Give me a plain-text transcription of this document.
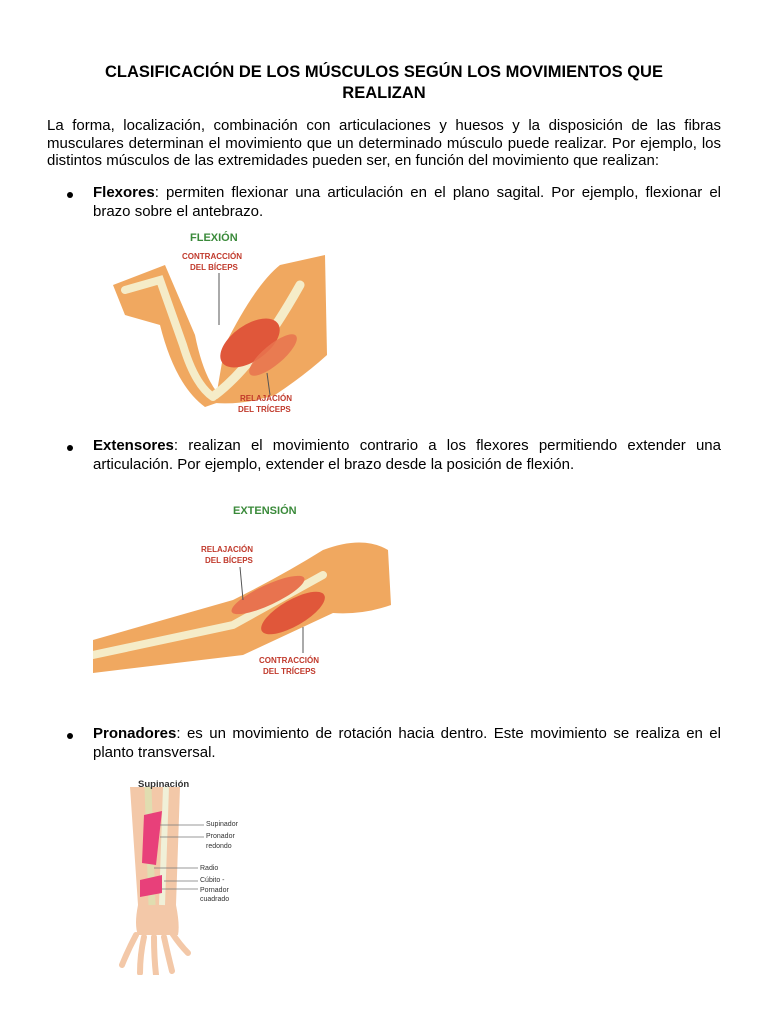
CLASIFICACIÓN DE LOS MÚSCULOS SEGÚN LOS MOVIMIENTOS QUE
REALIZAN
La forma, localización, combinación con articulaciones y huesos y la disposición de las fibras musculares determinan el movimiento que un determinado músculo puede realizar. Por ejemplo, los distintos músculos de las extremidades pueden ser, en función del movimiento que realizan:
Flexores: permiten flexionar una articulación en el plano sagital. Por ejemplo, flexionar el brazo sobre el antebrazo.
FLEXIÓN
CONTRACCIÓN
DEL BÍCEPS
RELAJACIÓN
DEL TRÍCEPS
Extensores: realizan el movimiento contrario a los flexores permitiendo extender una articulación. Por ejemplo, extender el brazo desde la posición de flexión.
EXTENSIÓN
RELAJACIÓN
DEL BÍCEPS
CONTRACCIÓN
DEL TRÍCEPS
Pronadores: es un movimiento de rotación hacia dentro. Este movimiento se realiza en el planto transversal.
Supinación
Supinador
Pronador
redondo
Radio
Cúbito -
Pornador
cuadrado
